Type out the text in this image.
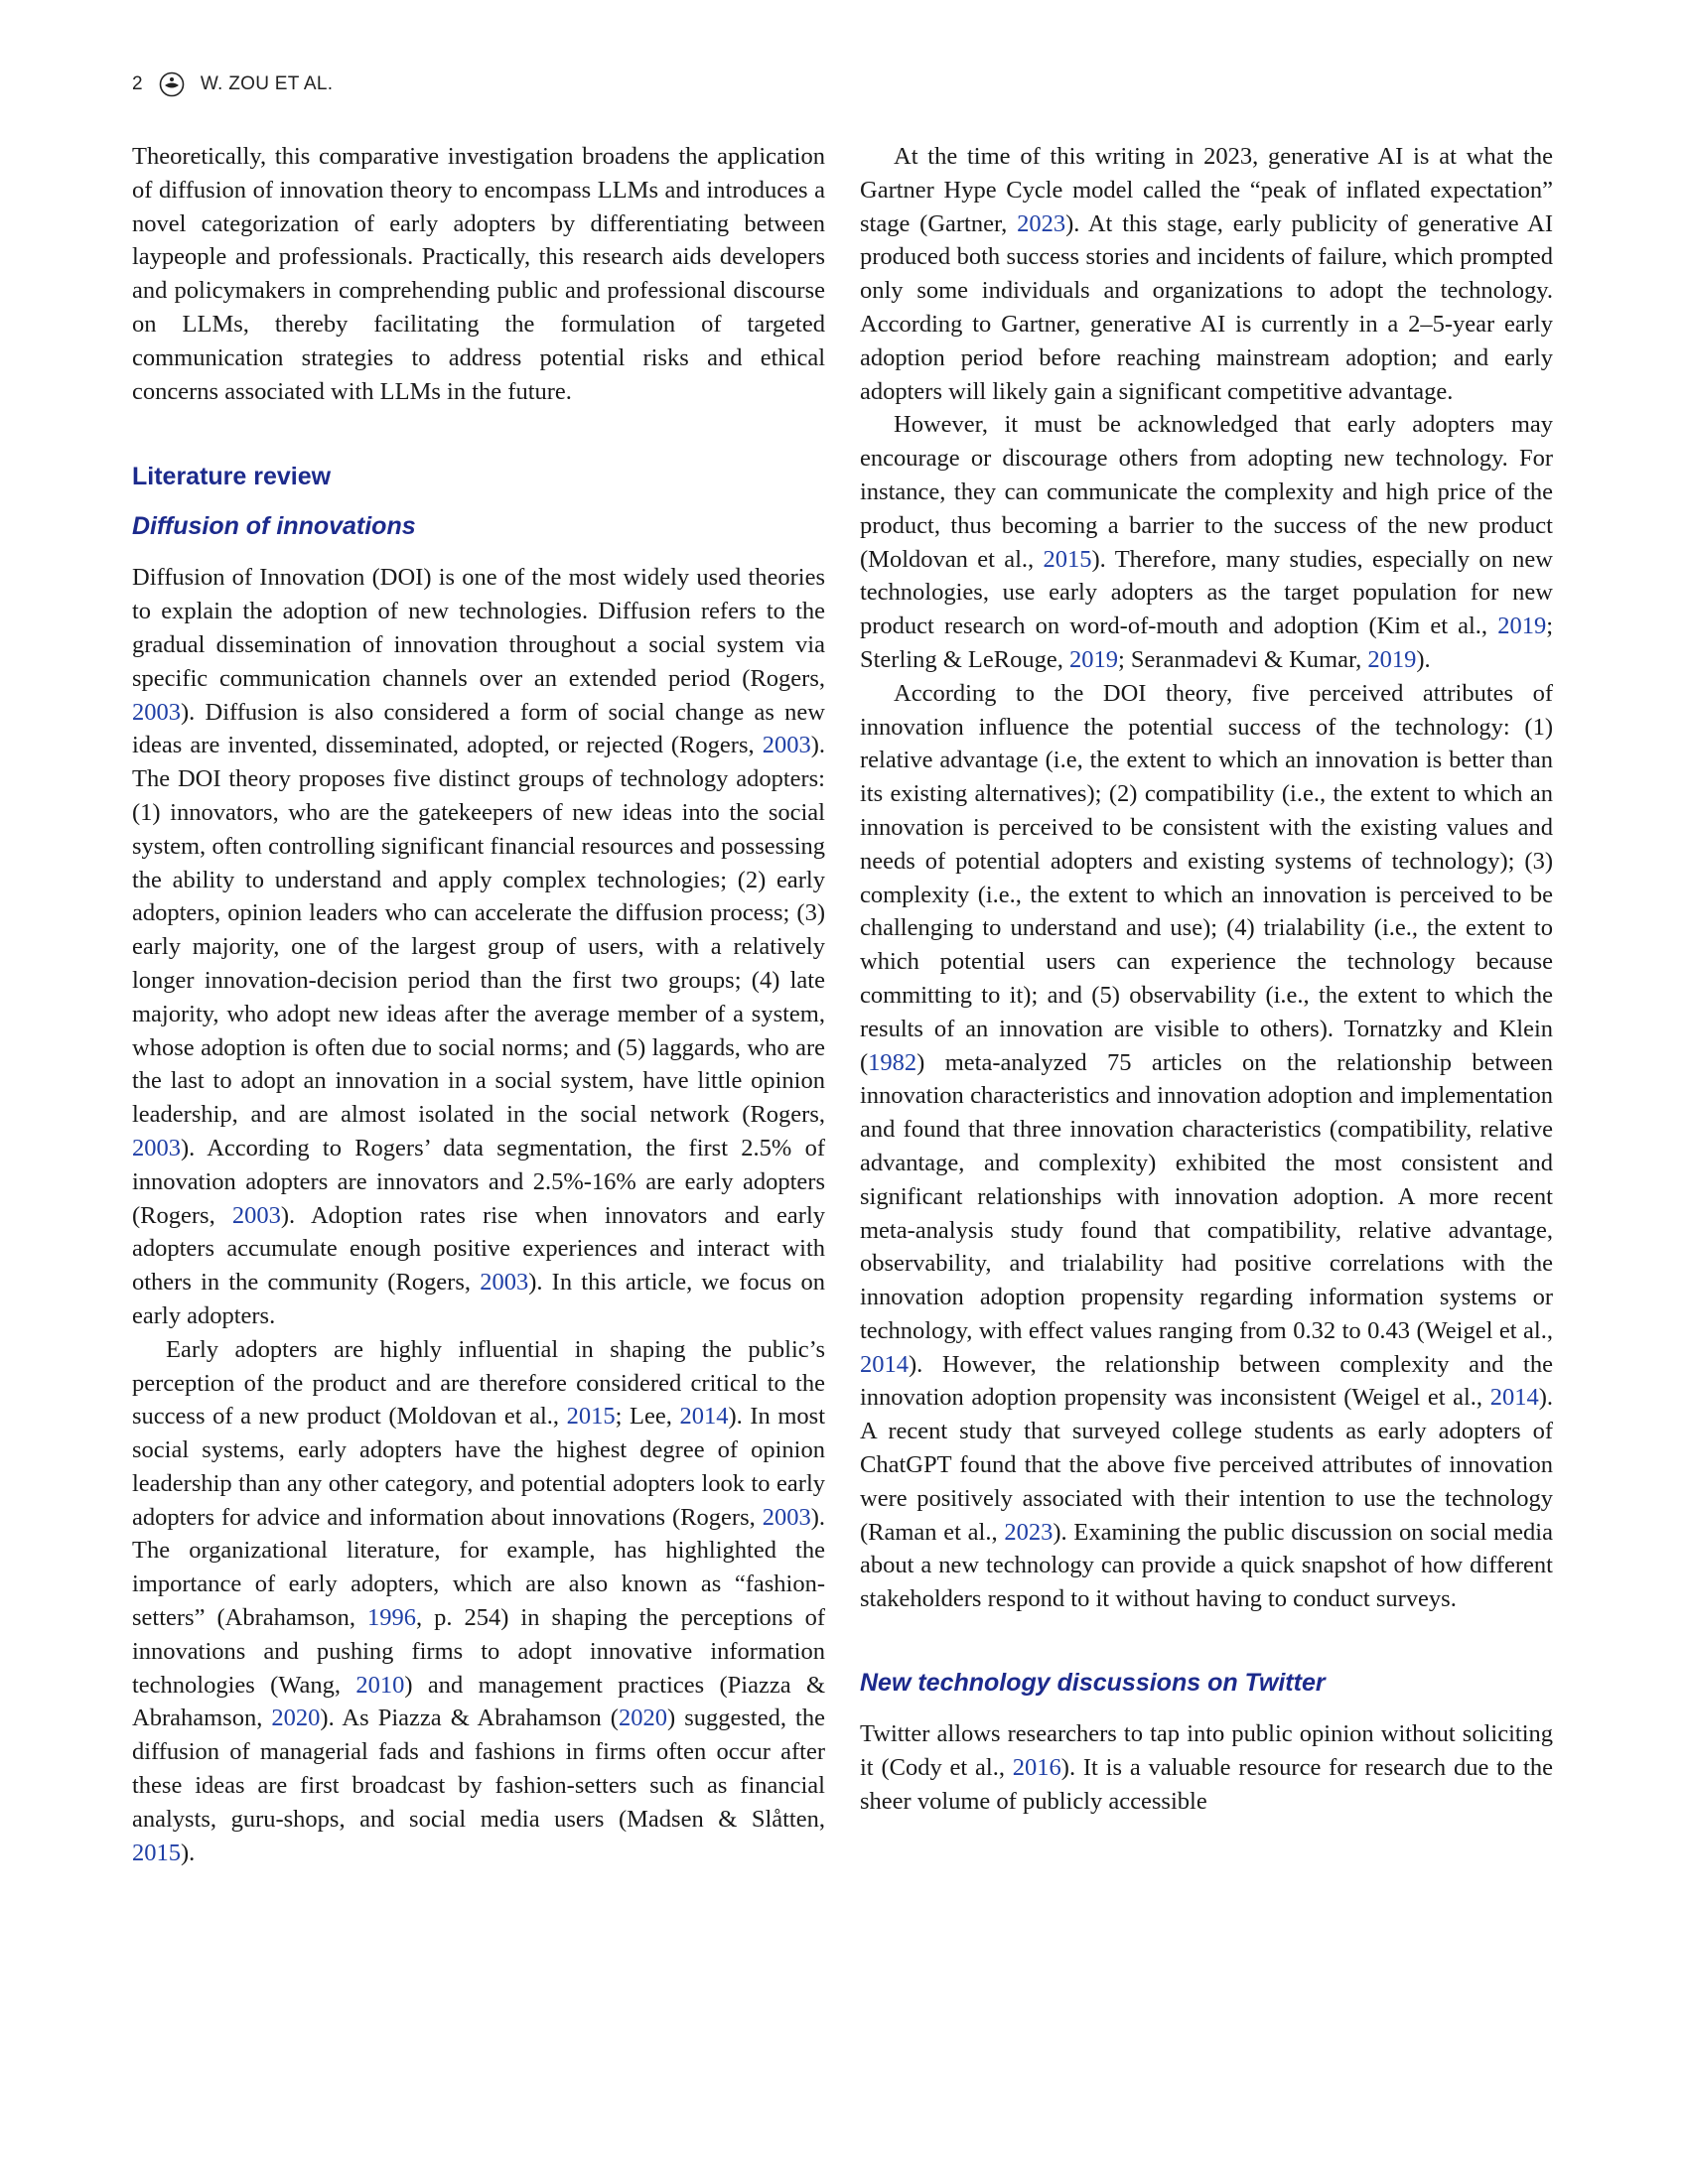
2	W. ZOU ET AL.

Theoretically, this comparative investigation broadens the application of diffusion of innovation theory to encompass LLMs and introduces a novel categorization of early adopters by differentiating between laypeople and professionals. Practically, this research aids developers and policymakers in comprehending public and professional discourse on LLMs, thereby facilitating the formulation of targeted communication strategies to address potential risks and ethical concerns associated with LLMs in the future.

Literature review
Diffusion of innovations

Diffusion of Innovation (DOI) is one of the most widely used theories to explain the adoption of new technologies. Diffusion refers to the gradual dissemination of innovation throughout a social system via specific communication channels over an extended period (Rogers, 2003). Diffusion is also considered a form of social change as new ideas are invented, disseminated, adopted, or rejected (Rogers, 2003). The DOI theory proposes five distinct groups of technology adopters: (1) innovators, who are the gatekeepers of new ideas into the social system, often controlling significant financial resources and possessing the ability to understand and apply complex technologies; (2) early adopters, opinion leaders who can accelerate the diffusion process; (3) early majority, one of the largest group of users, with a relatively longer innovation-decision period than the first two groups; (4) late majority, who adopt new ideas after the average member of a system, whose adoption is often due to social norms; and (5) laggards, who are the last to adopt an innovation in a social system, have little opinion leadership, and are almost isolated in the social network (Rogers, 2003). According to Rogers’ data segmentation, the first 2.5% of innovation adopters are innovators and 2.5%-16% are early adopters (Rogers, 2003). Adoption rates rise when innovators and early adopters accumulate enough positive experiences and interact with others in the community (Rogers, 2003). In this article, we focus on early adopters.

Early adopters are highly influential in shaping the public’s perception of the product and are therefore considered critical to the success of a new product (Moldovan et al., 2015; Lee, 2014). In most social systems, early adopters have the highest degree of opinion leadership than any other category, and potential adopters look to early adopters for advice and information about innovations (Rogers, 2003). The organizational literature, for example, has highlighted the importance of early adopters, which are also known as “fashion-setters” (Abrahamson, 1996, p. 254) in shaping the perceptions of innovations and pushing firms to adopt innovative information technologies (Wang, 2010) and management practices (Piazza & Abrahamson, 2020). As Piazza & Abrahamson (2020) suggested, the diffusion of managerial fads and fashions in firms often occur after these ideas are first broadcast by fashion-setters such as financial analysts, guru-shops, and social media users (Madsen & Slåtten, 2015).

At the time of this writing in 2023, generative AI is at what the Gartner Hype Cycle model called the “peak of inflated expectation” stage (Gartner, 2023). At this stage, early publicity of generative AI produced both success stories and incidents of failure, which prompted only some individuals and organizations to adopt the technology. According to Gartner, generative AI is currently in a 2–5-year early adoption period before reaching mainstream adoption; and early adopters will likely gain a significant competitive advantage.

However, it must be acknowledged that early adopters may encourage or discourage others from adopting new technology. For instance, they can communicate the complexity and high price of the product, thus becoming a barrier to the success of the new product (Moldovan et al., 2015). Therefore, many studies, especially on new technologies, use early adopters as the target population for new product research on word-of-mouth and adoption (Kim et al., 2019; Sterling & LeRouge, 2019; Seranmadevi & Kumar, 2019).

According to the DOI theory, five perceived attributes of innovation influence the potential success of the technology: (1) relative advantage (i.e, the extent to which an innovation is better than its existing alternatives); (2) compatibility (i.e., the extent to which an innovation is perceived to be consistent with the existing values and needs of potential adopters and existing systems of technology); (3) complexity (i.e., the extent to which an innovation is perceived to be challenging to understand and use); (4) trialability (i.e., the extent to which potential users can experience the technology because committing to it); and (5) observability (i.e., the extent to which the results of an innovation are visible to others). Tornatzky and Klein (1982) meta-analyzed 75 articles on the relationship between innovation characteristics and innovation adoption and implementation and found that three innovation characteristics (compatibility, relative advantage, and complexity) exhibited the most consistent and significant relationships with innovation adoption. A more recent meta-analysis study found that compatibility, relative advantage, observability, and trialability had positive correlations with the innovation adoption propensity regarding information systems or technology, with effect values ranging from 0.32 to 0.43 (Weigel et al., 2014). However, the relationship between complexity and the innovation adoption propensity was inconsistent (Weigel et al., 2014). A recent study that surveyed college students as early adopters of ChatGPT found that the above five perceived attributes of innovation were positively associated with their intention to use the technology (Raman et al., 2023). Examining the public discussion on social media about a new technology can provide a quick snapshot of how different stakeholders respond to it without having to conduct surveys.

New technology discussions on Twitter

Twitter allows researchers to tap into public opinion without soliciting it (Cody et al., 2016). It is a valuable resource for research due to the sheer volume of publicly accessible
